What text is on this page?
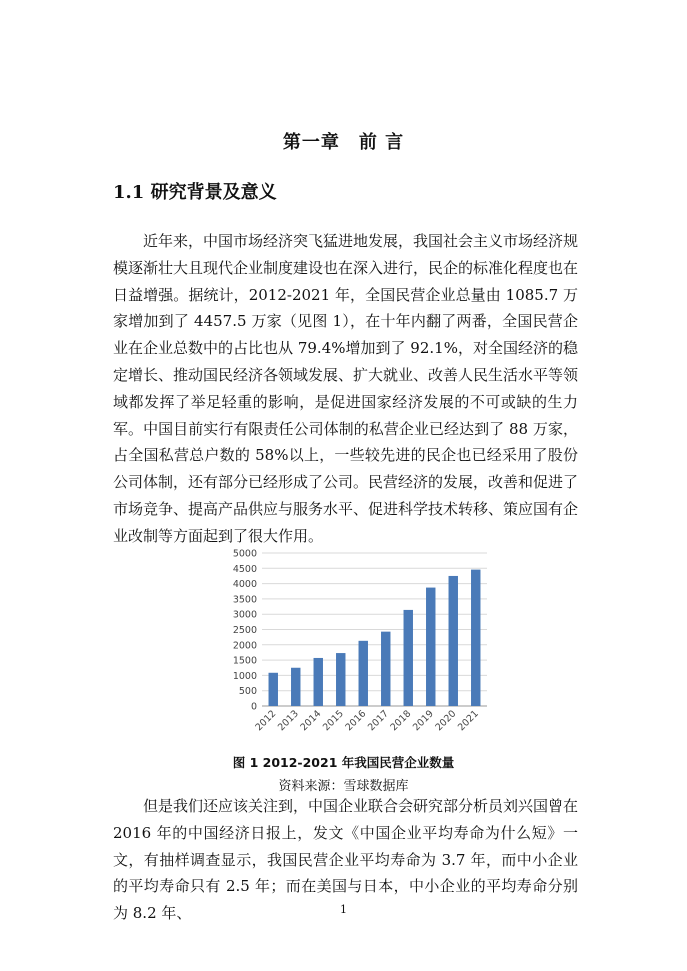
第一章　前 言
1.1 研究背景及意义

近年来，中国市场经济突飞猛进地发展，我国社会主义市场经济规模逐渐壮大且现代企业制度建设也在深入进行，民企的标准化程度也在日益增强。据统计，2012-2021 年，全国民营企业总量由 1085.7 万家增加到了 4457.5 万家（见图 1），在十年内翻了两番，全国民营企业在企业总数中的占比也从 79.4%增加到了 92.1%，对全国经济的稳定增长、推动国民经济各领域发展、扩大就业、改善人民生活水平等领域都发挥了举足轻重的影响，是促进国家经济发展的不可或缺的生力军。中国目前实行有限责任公司体制的私营企业已经达到了 88 万家，占全国私营总户数的 58%以上，一些较先进的民企也已经采用了股份公司体制，还有部分已经形成了公司。民营经济的发展，改善和促进了市场竞争、提高产品供应与服务水平、促进科学技术转移、策应国有企业改制等方面起到了很大作用。

0
500
1000
1500
2000
2500
3000
3500
4000
4500
5000
2012
2013
2014
2015
2016
2017
2018
2019
2020
2021
图 1 2012-2021 年我国民营企业数量
资料来源：雪球数据库

但是我们还应该关注到，中国企业联合会研究部分析员刘兴国曾在 2016 年的中国经济日报上，发文《中国企业平均寿命为什么短》一文，有抽样调查显示，我国民营企业平均寿命为 3.7 年，而中小企业的平均寿命只有 2.5 年；而在美国与日本，中小企业的平均寿命分别为 8.2 年、	1
